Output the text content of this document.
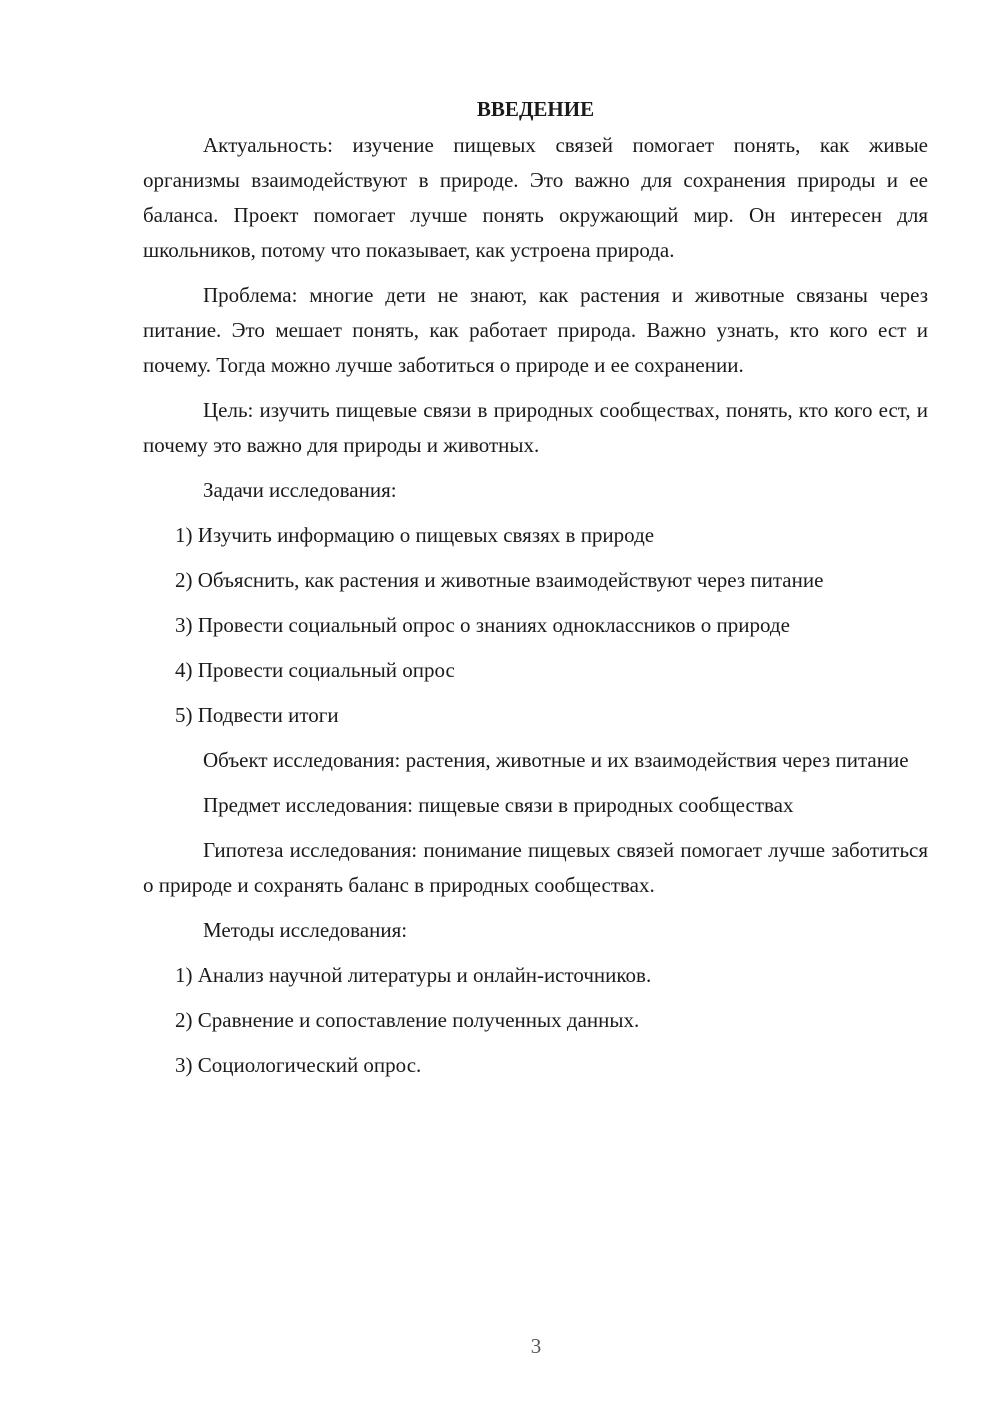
ВВЕДЕНИЕ

Актуальность: изучение пищевых связей помогает понять, как живые организмы взаимодействуют в природе. Это важно для сохранения природы и ее баланса. Проект помогает лучше понять окружающий мир. Он интересен для школьников, потому что показывает, как устроена природа.

Проблема: многие дети не знают, как растения и животные связаны через питание. Это мешает понять, как работает природа. Важно узнать, кто кого ест и почему. Тогда можно лучше заботиться о природе и ее сохранении.

Цель: изучить пищевые связи в природных сообществах, понять, кто кого ест, и почему это важно для природы и животных.

Задачи исследования:

1) Изучить информацию о пищевых связях в природе

2) Объяснить, как растения и животные взаимодействуют через питание

3) Провести социальный опрос о знаниях одноклассников о природе

4) Провести социальный опрос

5) Подвести итоги

Объект исследования: растения, животные и их взаимодействия через питание

Предмет исследования: пищевые связи в природных сообществах

Гипотеза исследования: понимание пищевых связей помогает лучше заботиться о природе и сохранять баланс в природных сообществах.

Методы исследования:

1) Анализ научной литературы и онлайн-источников.

2) Сравнение и сопоставление полученных данных.

3) Социологический опрос.

3
